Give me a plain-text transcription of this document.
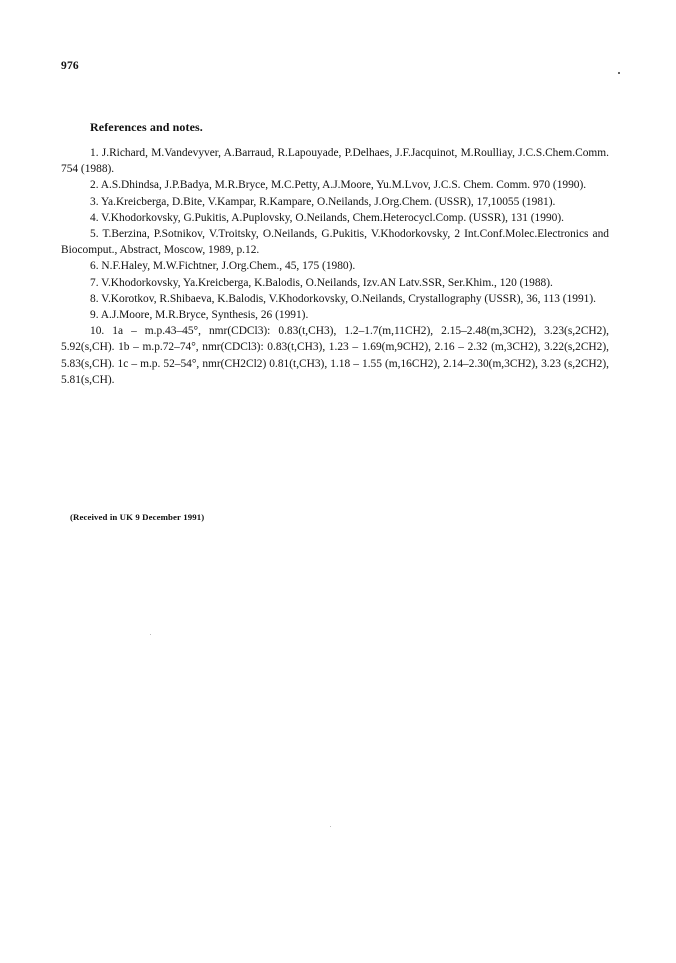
976
References and notes.
1. J.Richard, M.Vandevyver, A.Barraud, R.Lapouyade, P.Delhaes, J.F.Jacquinot, M.Roulliay, J.C.S.Chem.Comm. 754 (1988).
2. A.S.Dhindsa, J.P.Badya, M.R.Bryce, M.C.Petty, A.J.Moore, Yu.M.Lvov, J.C.S. Chem. Comm. 970 (1990).
3. Ya.Kreicberga, D.Bite, V.Kampar, R.Kampare, O.Neilands, J.Org.Chem. (USSR), 17,10055 (1981).
4. V.Khodorkovsky, G.Pukitis, A.Puplovsky, O.Neilands, Chem.Heterocycl.Comp. (USSR), 131 (1990).
5. T.Berzina, P.Sotnikov, V.Troitsky, O.Neilands, G.Pukitis, V.Khodorkovsky, 2 Int.Conf.Molec.Electronics and Biocomput., Abstract, Moscow, 1989, p.12.
6. N.F.Haley, M.W.Fichtner, J.Org.Chem., 45, 175 (1980).
7. V.Khodorkovsky, Ya.Kreicberga, K.Balodis, O.Neilands, Izv.AN Latv.SSR, Ser.Khim., 120 (1988).
8. V.Korotkov, R.Shibaeva, K.Balodis, V.Khodorkovsky, O.Neilands, Crystallography (USSR), 36, 113 (1991).
9. A.J.Moore, M.R.Bryce, Synthesis, 26 (1991).
10. 1a – m.p.43–45°, nmr(CDCl3): 0.83(t,CH3), 1.2–1.7(m,11CH2), 2.15–2.48(m,3CH2), 3.23(s,2CH2), 5.92(s,CH). 1b – m.p.72–74°, nmr(CDCl3): 0.83(t,CH3), 1.23 – 1.69(m,9CH2), 2.16 – 2.32 (m,3CH2), 3.22(s,2CH2), 5.83(s,CH). 1c – m.p. 52–54°, nmr(CH2Cl2) 0.81(t,CH3), 1.18 – 1.55 (m,16CH2), 2.14–2.30(m,3CH2), 3.23 (s,2CH2), 5.81(s,CH).
(Received in UK 9 December 1991)
